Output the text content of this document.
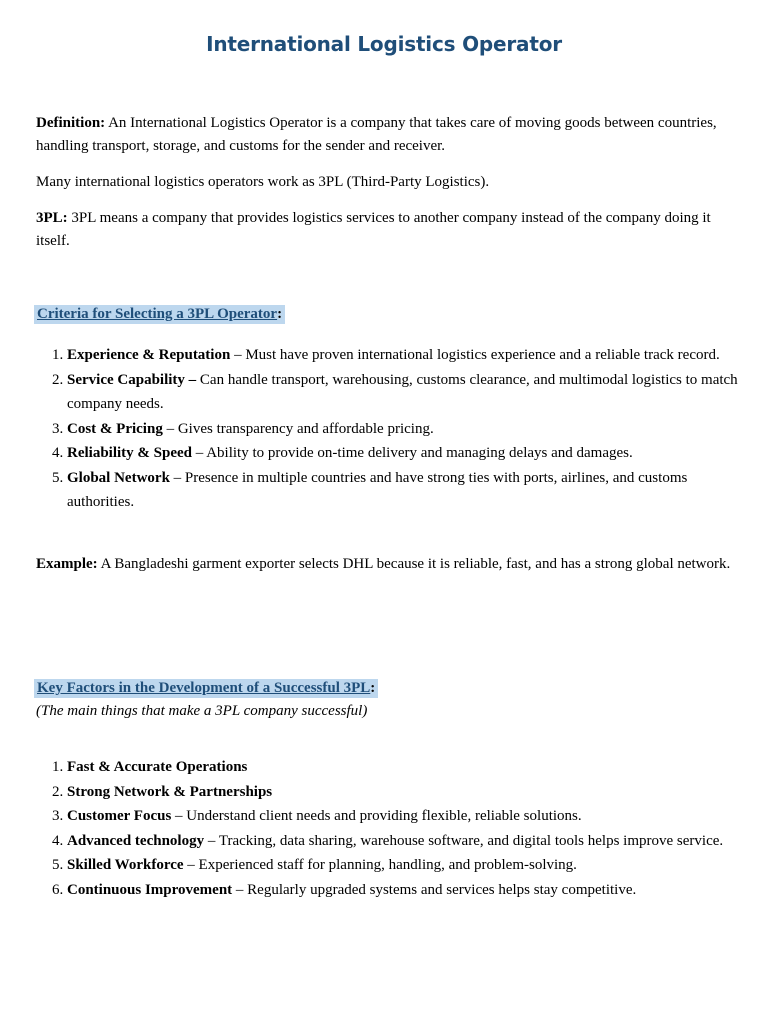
International Logistics Operator
Definition: An International Logistics Operator is a company that takes care of moving goods between countries, handling transport, storage, and customs for the sender and receiver.
Many international logistics operators work as 3PL (Third-Party Logistics).
3PL: 3PL means a company that provides logistics services to another company instead of the company doing it itself.
Criteria for Selecting a 3PL Operator:
1. Experience & Reputation – Must have proven international logistics experience and a reliable track record.
2. Service Capability – Can handle transport, warehousing, customs clearance, and multimodal logistics to match company needs.
3. Cost & Pricing – Gives transparency and affordable pricing.
4. Reliability & Speed – Ability to provide on-time delivery and managing delays and damages.
5. Global Network – Presence in multiple countries and have strong ties with ports, airlines, and customs authorities.
Example: A Bangladeshi garment exporter selects DHL because it is reliable, fast, and has a strong global network.
Key Factors in the Development of a Successful 3PL:
(The main things that make a 3PL company successful)
1. Fast & Accurate Operations
2. Strong Network & Partnerships
3. Customer Focus – Understand client needs and providing flexible, reliable solutions.
4. Advanced technology – Tracking, data sharing, warehouse software, and digital tools helps improve service.
5. Skilled Workforce – Experienced staff for planning, handling, and problem-solving.
6. Continuous Improvement – Regularly upgraded systems and services helps stay competitive.
